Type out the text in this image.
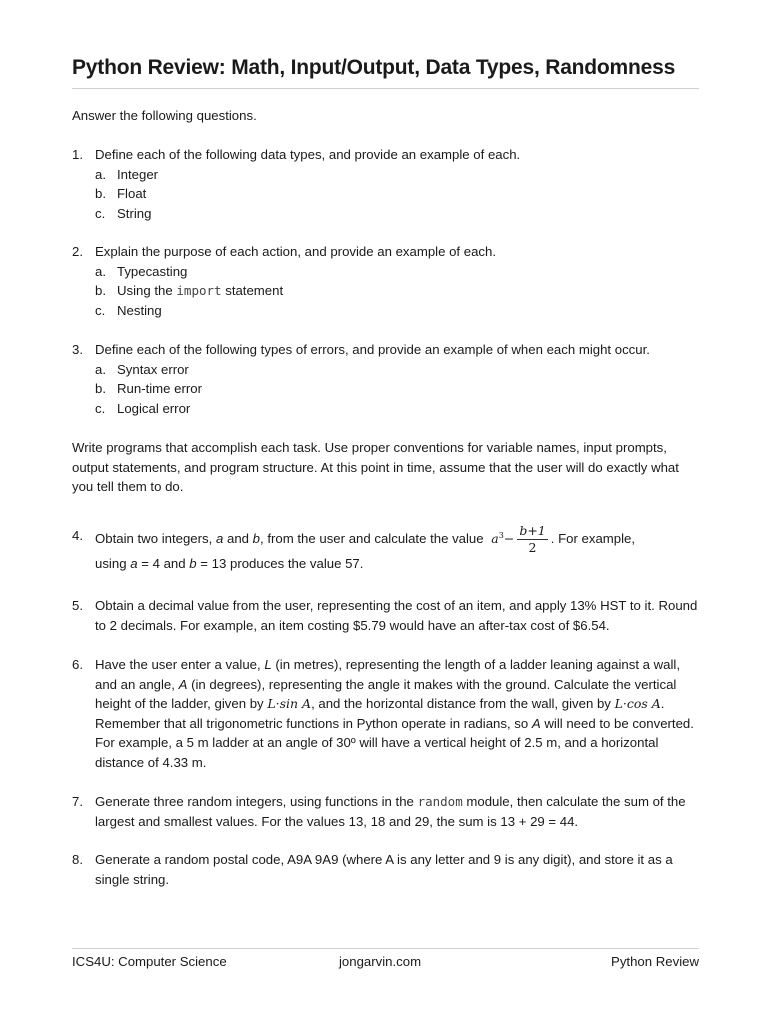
Python Review: Math, Input/Output, Data Types, Randomness
Answer the following questions.
1. Define each of the following data types, and provide an example of each.
a. Integer
b. Float
c. String
2. Explain the purpose of each action, and provide an example of each.
a. Typecasting
b. Using the import statement
c. Nesting
3. Define each of the following types of errors, and provide an example of when each might occur.
a. Syntax error
b. Run-time error
c. Logical error
Write programs that accomplish each task. Use proper conventions for variable names, input prompts, output statements, and program structure. At this point in time, assume that the user will do exactly what you tell them to do.
4. Obtain two integers, a and b, from the user and calculate the value $a^3- \frac{b+1}{2}$ . For example,
using a = 4 and b = 13 produces the value 57.
5. Obtain a decimal value from the user, representing the cost of an item, and apply 13% HST to it. Round to 2 decimals. For example, an item costing $5.79 would have an after-tax cost of $6.54.
6. Have the user enter a value, L (in metres), representing the length of a ladder leaning against a wall, and an angle, A (in degrees), representing the angle it makes with the ground. Calculate the vertical height of the ladder, given by L·sin A, and the horizontal distance from the wall, given by L·cos A. Remember that all trigonometric functions in Python operate in radians, so A will need to be converted. For example, a 5 m ladder at an angle of 30º will have a vertical height of 2.5 m, and a horizontal distance of 4.33 m.
7. Generate three random integers, using functions in the random module, then calculate the sum of the largest and smallest values. For the values 13, 18 and 29, the sum is 13 + 29 = 44.
8. Generate a random postal code, A9A 9A9 (where A is any letter and 9 is any digit), and store it as a single string.
ICS4U: Computer Science	jongarvin.com	Python Review
